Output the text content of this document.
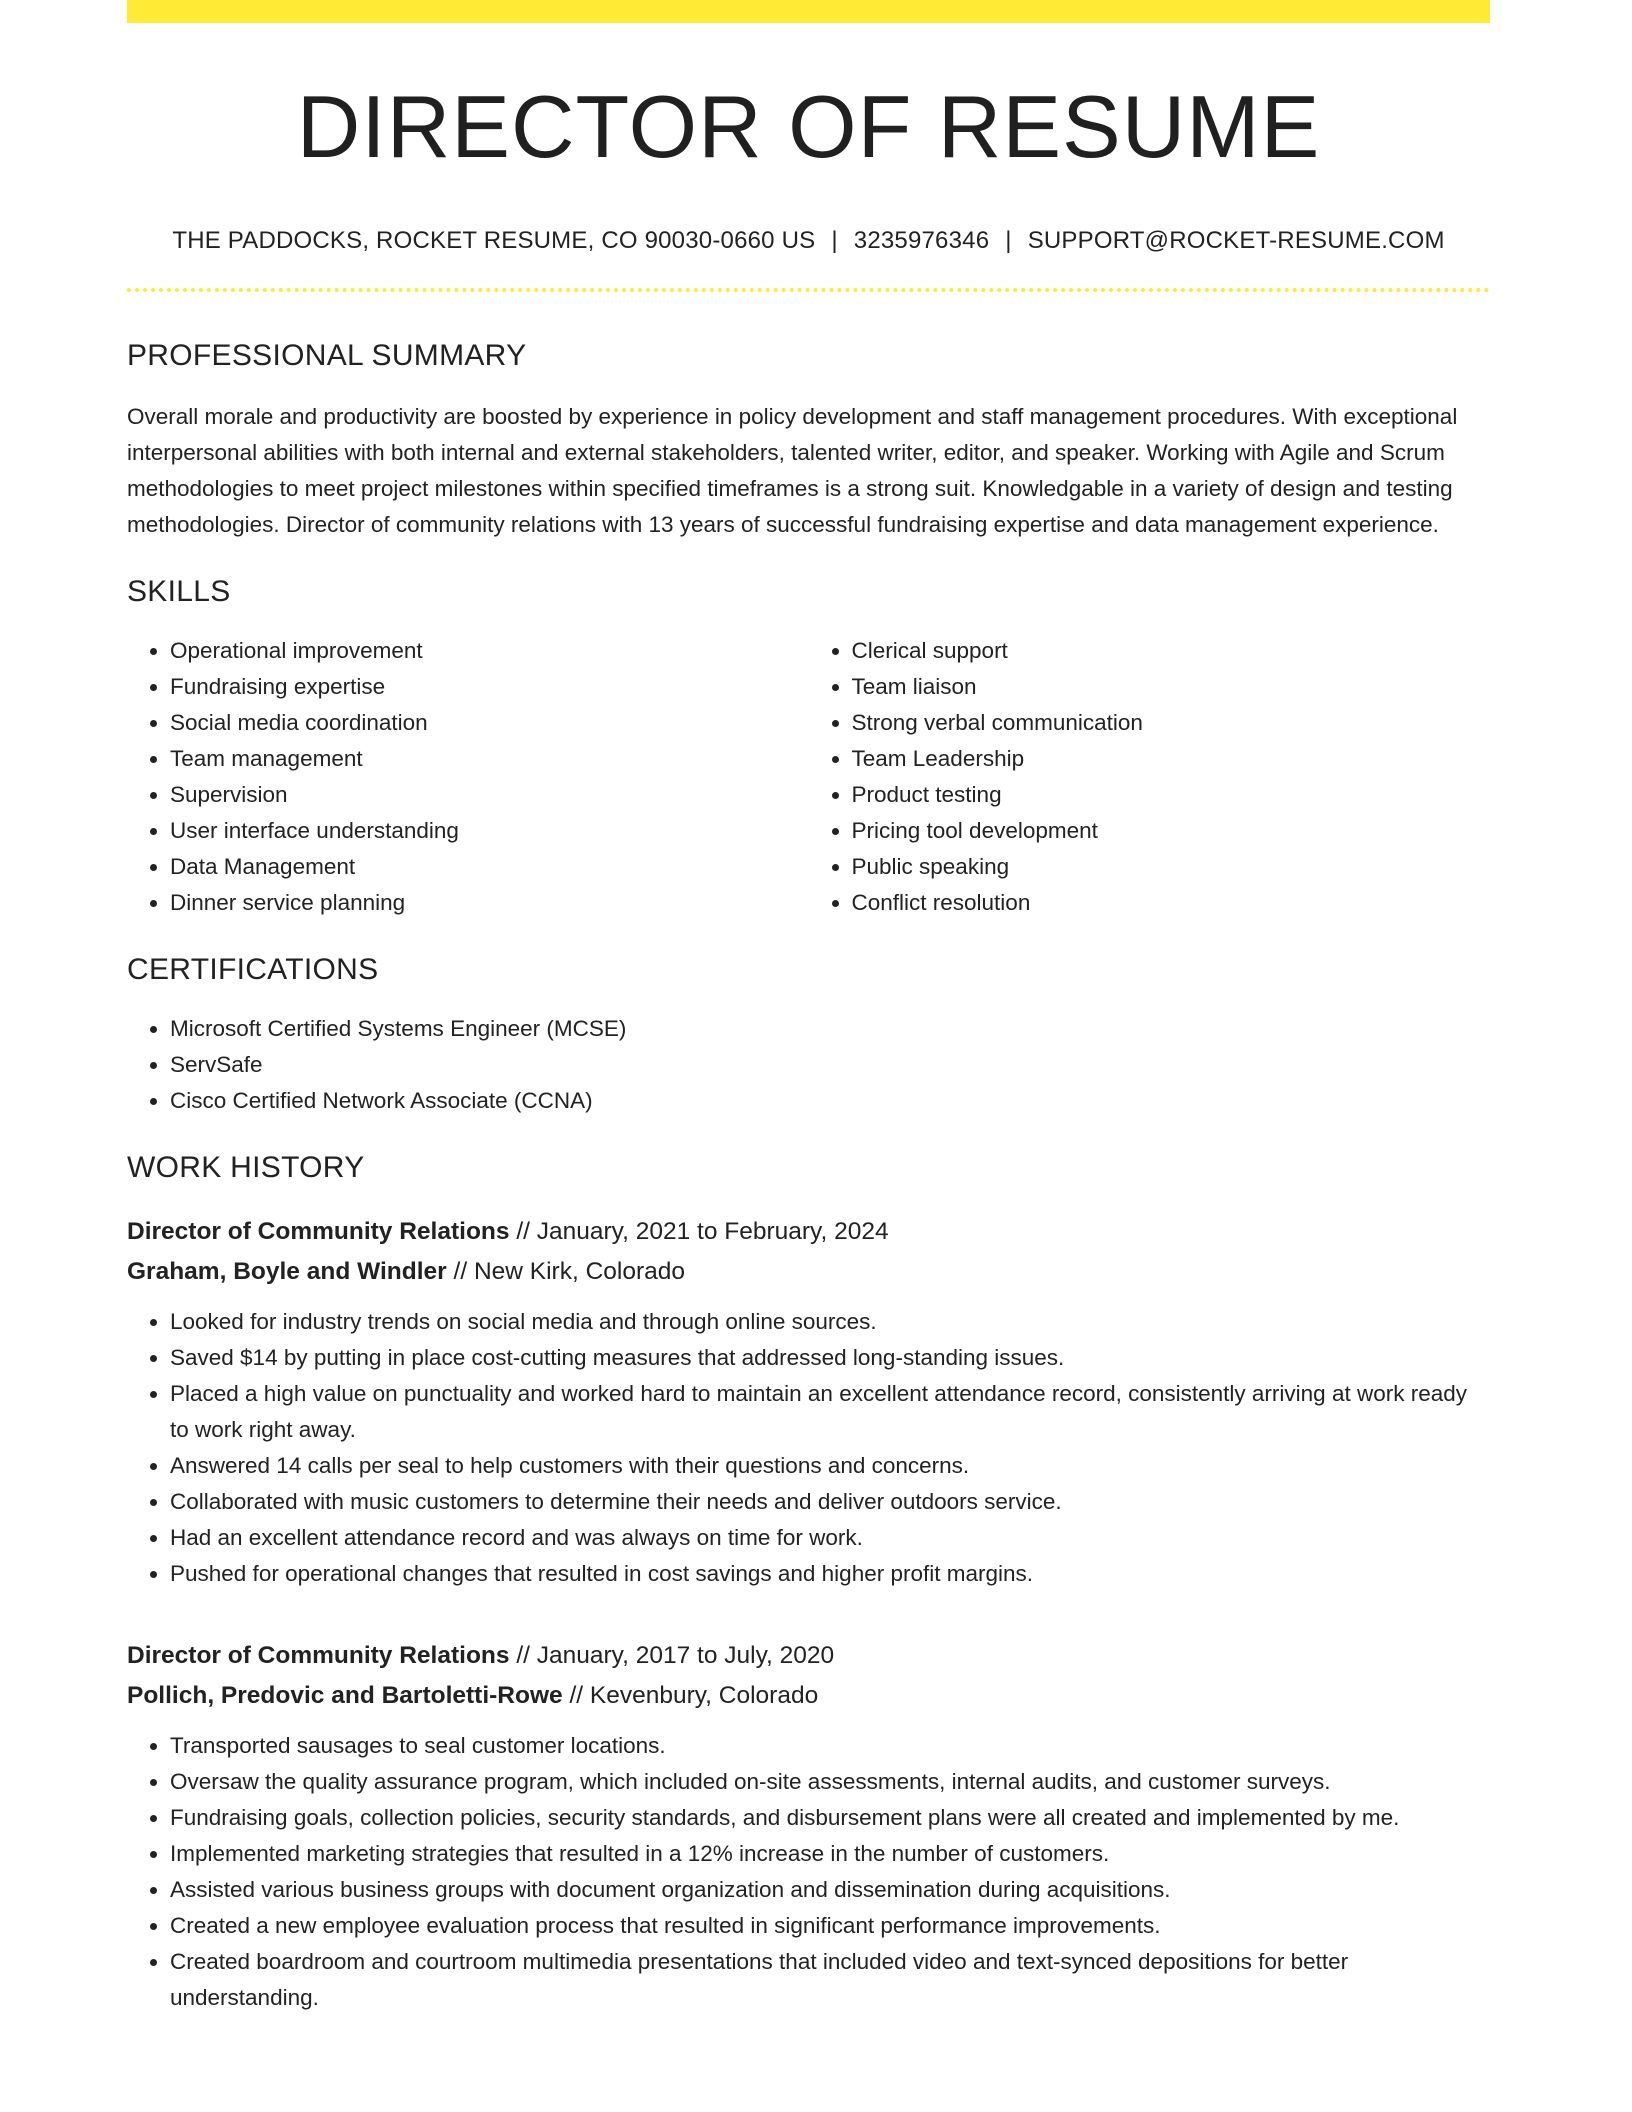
DIRECTOR OF RESUME
THE PADDOCKS, ROCKET RESUME, CO 90030-0660 US | 3235976346 | SUPPORT@ROCKET-RESUME.COM
PROFESSIONAL SUMMARY
Overall morale and productivity are boosted by experience in policy development and staff management procedures. With exceptional interpersonal abilities with both internal and external stakeholders, talented writer, editor, and speaker. Working with Agile and Scrum methodologies to meet project milestones within specified timeframes is a strong suit. Knowledgable in a variety of design and testing methodologies. Director of community relations with 13 years of successful fundraising expertise and data management experience.
SKILLS
• Operational improvement
• Fundraising expertise
• Social media coordination
• Team management
• Supervision
• User interface understanding
• Data Management
• Dinner service planning
• Clerical support
• Team liaison
• Strong verbal communication
• Team Leadership
• Product testing
• Pricing tool development
• Public speaking
• Conflict resolution
CERTIFICATIONS
• Microsoft Certified Systems Engineer (MCSE)
• ServSafe
• Cisco Certified Network Associate (CCNA)
WORK HISTORY
Director of Community Relations // January, 2021 to February, 2024
Graham, Boyle and Windler // New Kirk, Colorado
• Looked for industry trends on social media and through online sources.
• Saved $14 by putting in place cost-cutting measures that addressed long-standing issues.
• Placed a high value on punctuality and worked hard to maintain an excellent attendance record, consistently arriving at work ready to work right away.
• Answered 14 calls per seal to help customers with their questions and concerns.
• Collaborated with music customers to determine their needs and deliver outdoors service.
• Had an excellent attendance record and was always on time for work.
• Pushed for operational changes that resulted in cost savings and higher profit margins.
Director of Community Relations // January, 2017 to July, 2020
Pollich, Predovic and Bartoletti-Rowe // Kevenbury, Colorado
• Transported sausages to seal customer locations.
• Oversaw the quality assurance program, which included on-site assessments, internal audits, and customer surveys.
• Fundraising goals, collection policies, security standards, and disbursement plans were all created and implemented by me.
• Implemented marketing strategies that resulted in a 12% increase in the number of customers.
• Assisted various business groups with document organization and dissemination during acquisitions.
• Created a new employee evaluation process that resulted in significant performance improvements.
• Created boardroom and courtroom multimedia presentations that included video and text-synced depositions for better understanding.
